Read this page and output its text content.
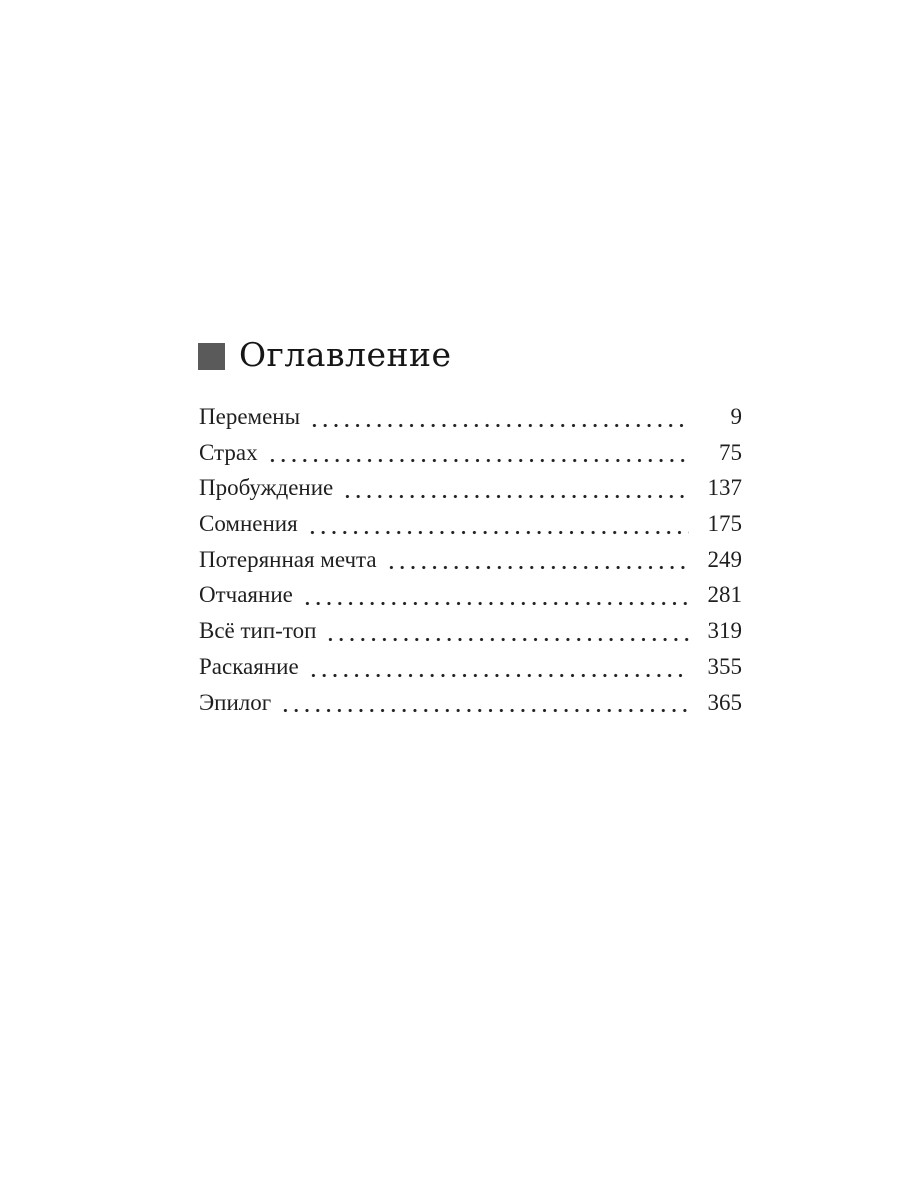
Оглавление
Перемены	9
Страх	75
Пробуждение	137
Сомнения	175
Потерянная мечта	249
Отчаяние	281
Всё тип-топ	319
Раскаяние	355
Эпилог	365
